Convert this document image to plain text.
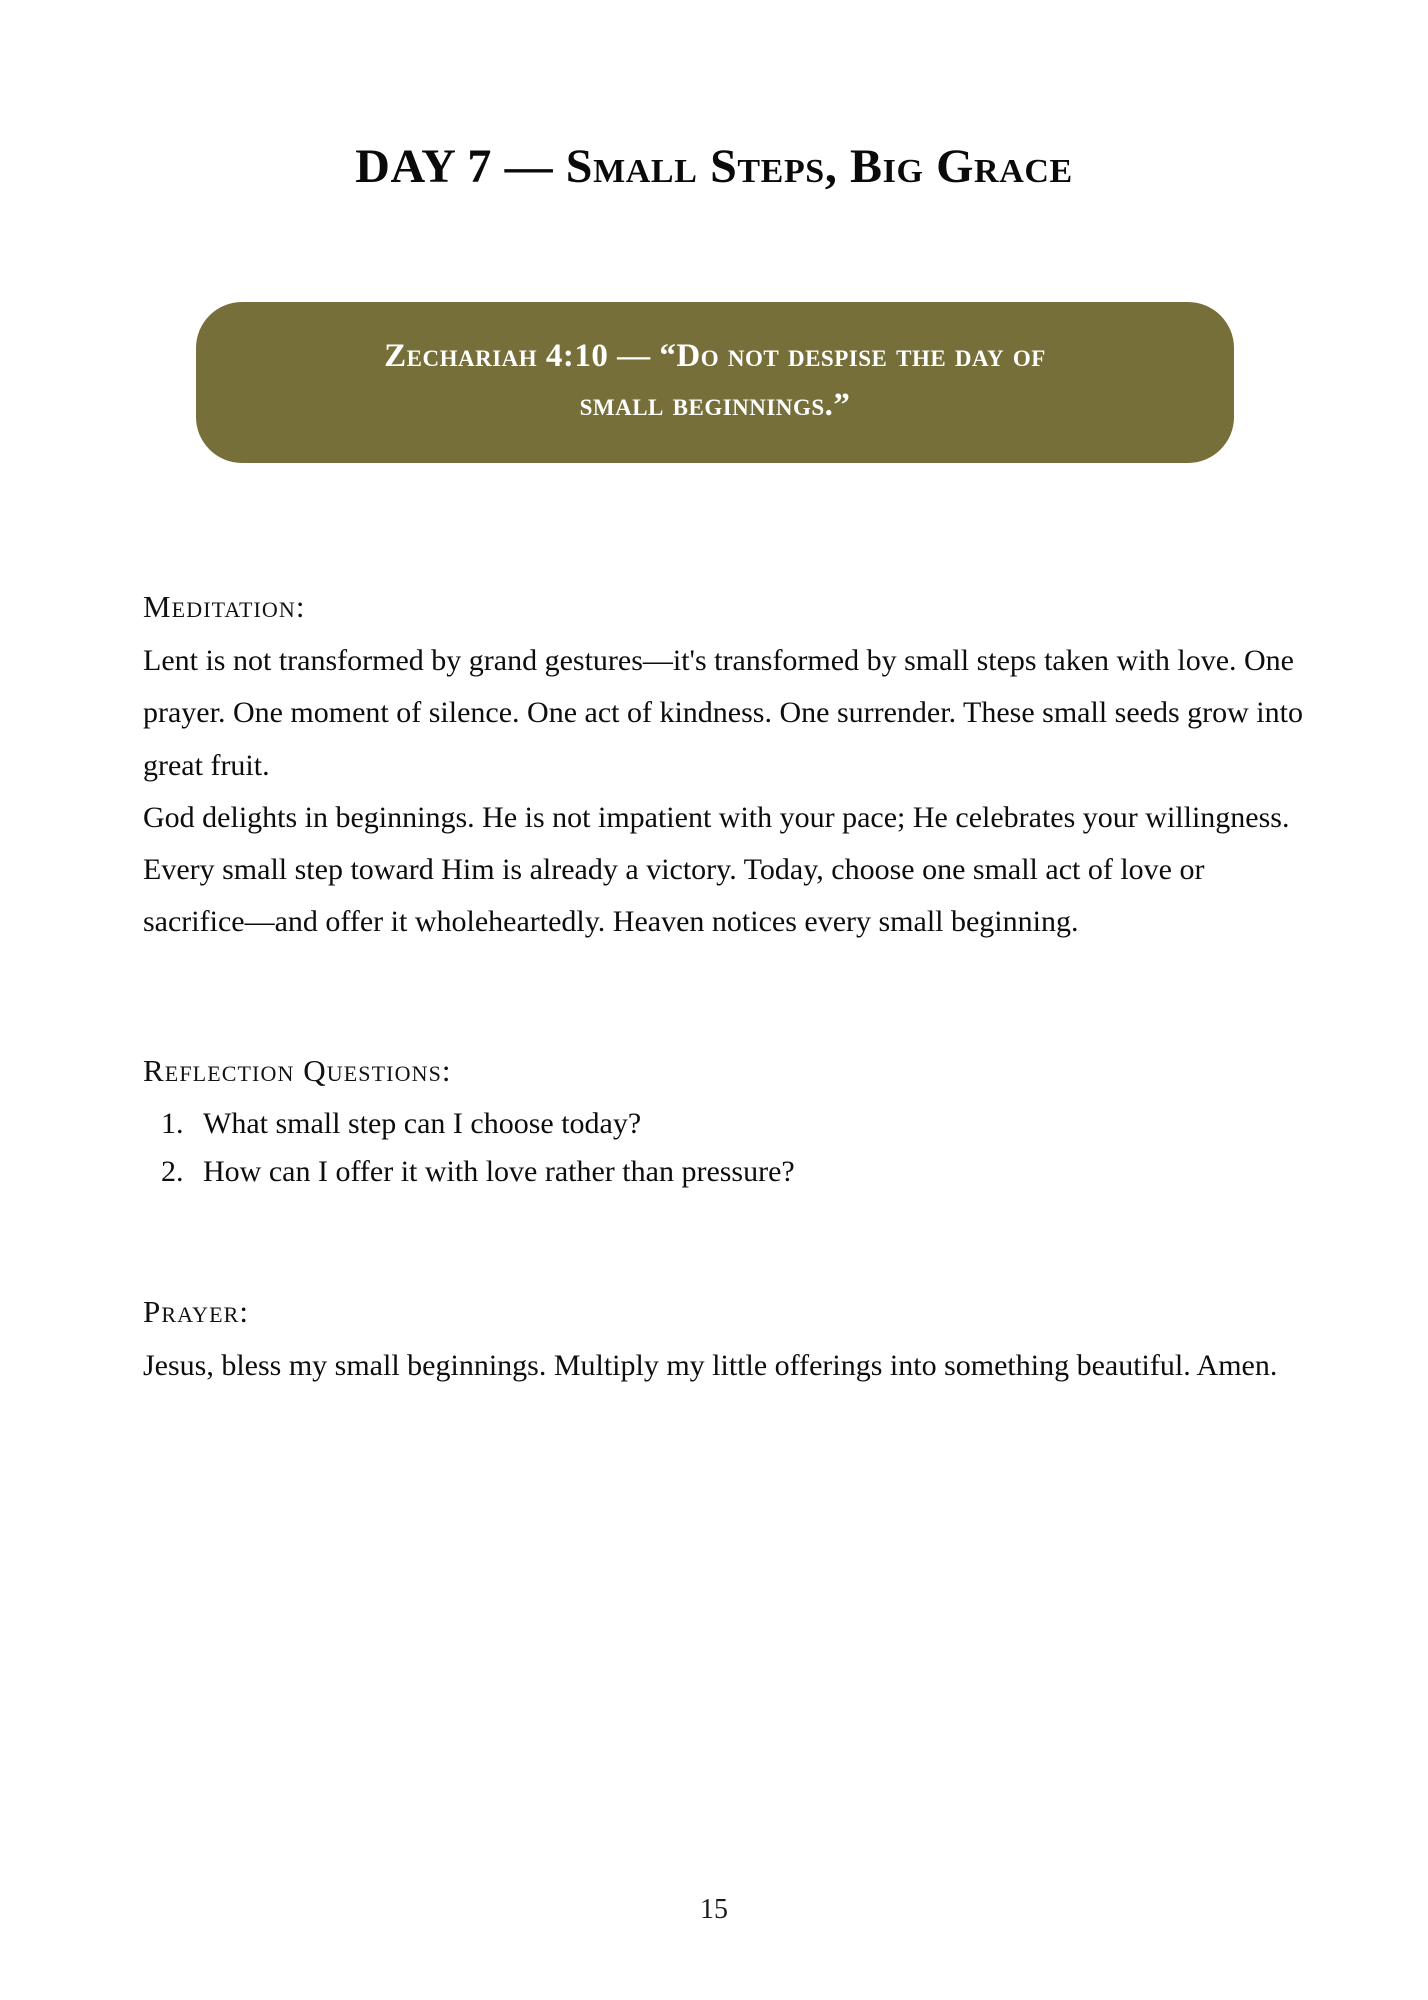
DAY 7 — Small Steps, Big Grace
Zechariah 4:10 — “Do not despise the day of
small beginnings.”
Meditation:

Lent is not transformed by grand gestures—it's transformed by small steps taken with love. One prayer. One moment of silence. One act of kindness. One surrender. These small seeds grow into great fruit.

God delights in beginnings. He is not impatient with your pace; He celebrates your willingness. Every small step toward Him is already a victory. Today, choose one small act of love or sacrifice—and offer it wholeheartedly. Heaven notices every small beginning.

Reflection Questions:
1. What small step can I choose today?
2. How can I offer it with love rather than pressure?
Prayer:

Jesus, bless my small beginnings. Multiply my little offerings into something beautiful. Amen.

15
